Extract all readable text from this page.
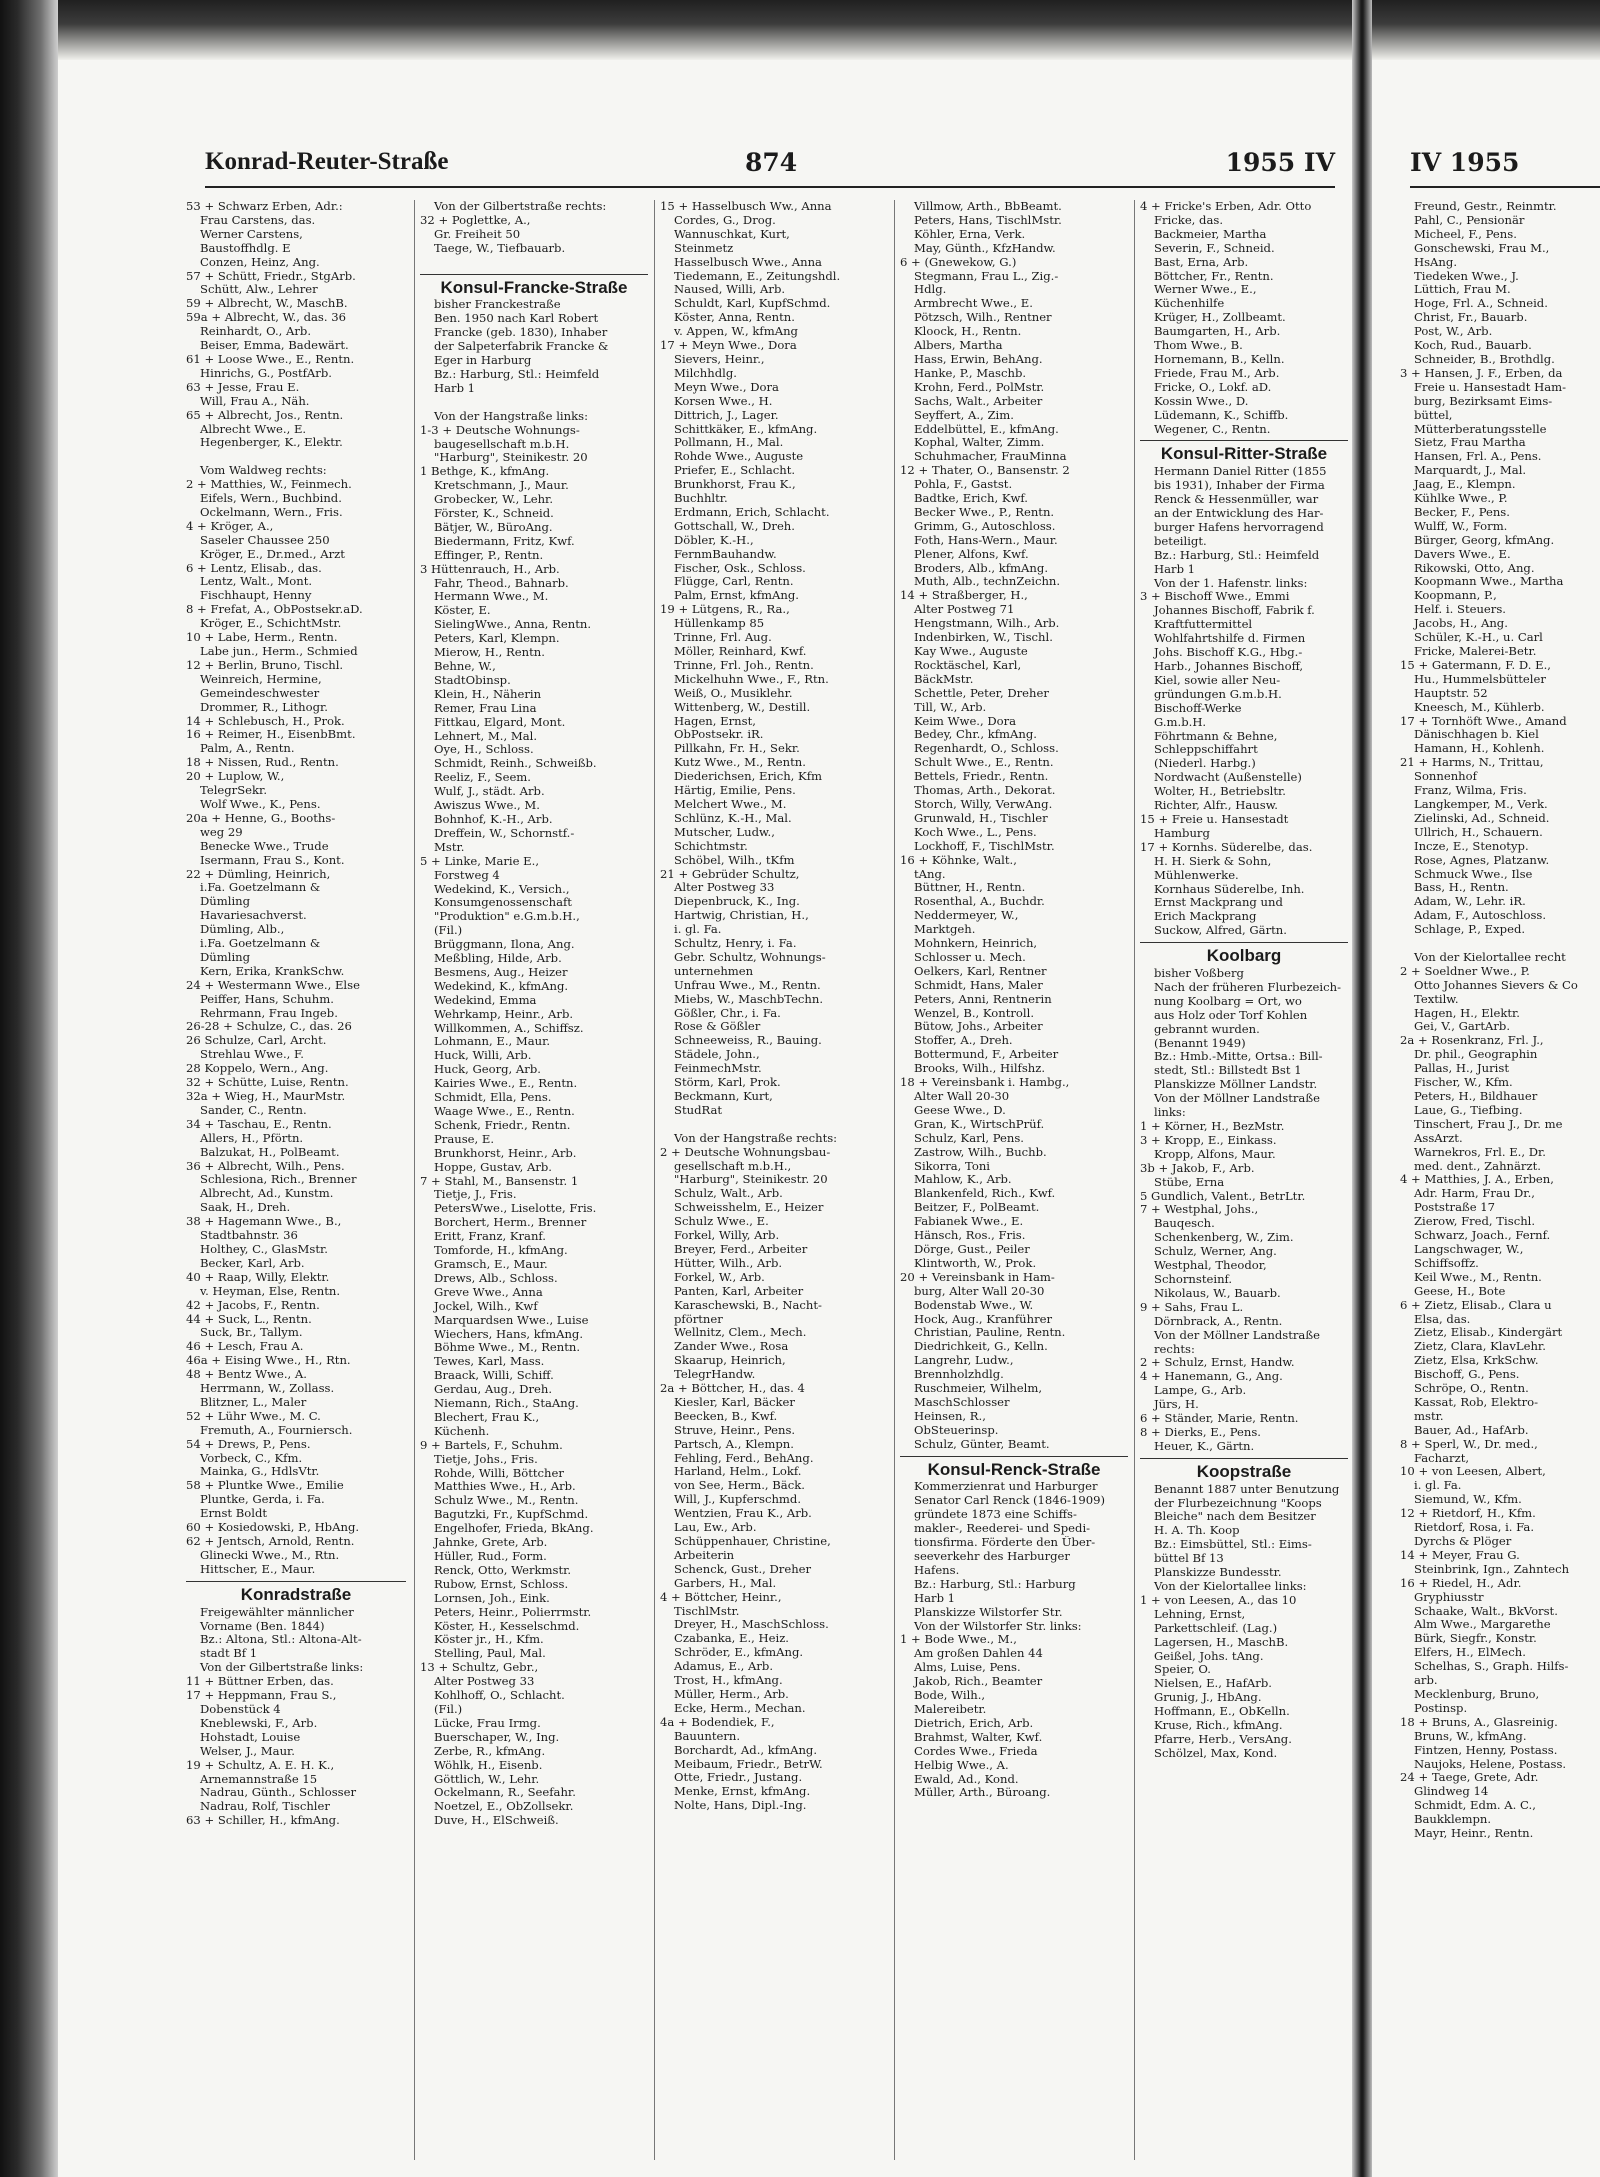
Konrad-Reuter-Straße	874	1955 IV	IV 1955
53 + Schwarz Erben, Adr.:
Frau Carstens, das.
Werner Carstens,
Baustoffhdlg. E
Conzen, Heinz, Ang.
57 + Schütt, Friedr., StgArb.
Schütt, Alw., Lehrer
59 + Albrecht, W., MaschB.
59a + Albrecht, W., das. 36
Reinhardt, O., Arb.
Beiser, Emma, Badewärt.
61 + Loose Wwe., E., Rentn.
Hinrichs, G., PostfArb.
63 + Jesse, Frau E.
Will, Frau A., Näh.
65 + Albrecht, Jos., Rentn.
Albrecht Wwe., E.
Hegenberger, K., Elektr.

Vom Waldweg rechts:
2 + Matthies, W., Feinmech.
Eifels, Wern., Buchbind.
Ockelmann, Wern., Fris.
4 + Kröger, A.,
Saseler Chaussee 250
Kröger, E., Dr.med., Arzt
6 + Lentz, Elisab., das.
Lentz, Walt., Mont.
Fischhaupt, Henny
8 + Frefat, A., ObPostsekr.aD.
Kröger, E., SchichtMstr.
10 + Labe, Herm., Rentn.
Labe jun., Herm., Schmied
12 + Berlin, Bruno, Tischl.
Weinreich, Hermine,
Gemeindeschwester
Drommer, R., Lithogr.
14 + Schlebusch, H., Prok.
16 + Reimer, H., EisenbBmt.
Palm, A., Rentn.
18 + Nissen, Rud., Rentn.
20 + Luplow, W.,
TelegrSekr.
Wolf Wwe., K., Pens.
20a + Henne, G., Booths-
weg 29
Benecke Wwe., Trude
Isermann, Frau S., Kont.
22 + Dümling, Heinrich,
i.Fa. Goetzelmann &
Dümling
Havariesachverst.
Dümling, Alb.,
i.Fa. Goetzelmann &
Dümling
Kern, Erika, KrankSchw.
24 + Westermann Wwe., Else
Peiffer, Hans, Schuhm.
Rehrmann, Frau Ingeb.
26-28 + Schulze, C., das. 26
26 Schulze, Carl, Archt.
Strehlau Wwe., F.
28 Koppelo, Wern., Ang.
32 + Schütte, Luise, Rentn.
32a + Wieg, H., MaurMstr.
Sander, C., Rentn.
34 + Taschau, E., Rentn.
Allers, H., Pförtn.
Balzukat, H., PolBeamt.
36 + Albrecht, Wilh., Pens.
Schlesiona, Rich., Brenner
Albrecht, Ad., Kunstm.
Saak, H., Dreh.
38 + Hagemann Wwe., B.,
Stadtbahnstr. 36
Holthey, C., GlasMstr.
Becker, Karl, Arb.
40 + Raap, Willy, Elektr.
v. Heyman, Else, Rentn.
42 + Jacobs, F., Rentn.
44 + Suck, L., Rentn.
Suck, Br., Tallym.
46 + Lesch, Frau A.
46a + Eising Wwe., H., Rtn.
48 + Bentz Wwe., A.
Herrmann, W., Zollass.
Blitzner, L., Maler
52 + Lühr Wwe., M. C.
Fremuth, A., Fourniersch.
54 + Drews, P., Pens.
Vorbeck, C., Kfm.
Mainka, G., HdlsVtr.
58 + Pluntke Wwe., Emilie
Pluntke, Gerda, i. Fa.
Ernst Boldt
60 + Kosiedowski, P., HbAng.
62 + Jentsch, Arnold, Rentn.
Glinecki Wwe., M., Rtn.
Hittscher, E., Maur.
Konradstraße
Freigewählter männlicher
Vorname (Ben. 1844)
Bz.: Altona, Stl.: Altona-Alt-
stadt Bf 1
Von der Gilbertstraße links:
11 + Büttner Erben, das.
17 + Heppmann, Frau S.,
Dobenstück 4
Kneblewski, F., Arb.
Hohstadt, Louise
Welser, J., Maur.
19 + Schultz, A. E. H. K.,
Arnemannstraße 15
Nadrau, Günth., Schlosser
Nadrau, Rolf, Tischler
63 + Schiller, H., kfmAng.
Von der Gilbertstraße rechts:
32 + Poglettke, A.,
Gr. Freiheit 50
Taege, W., Tiefbauarb.

Konsul-Francke-Straße
bisher Franckestraße
Ben. 1950 nach Karl Robert
Francke (geb. 1830), Inhaber
der Salpeterfabrik Francke &
Eger in Harburg
Bz.: Harburg, Stl.: Heimfeld
Harb 1

Von der Hangstraße links:
1-3 + Deutsche Wohnungs-
baugesellschaft m.b.H.
"Harburg", Steinikestr. 20
1 Bethge, K., kfmAng.
Kretschmann, J., Maur.
Grobecker, W., Lehr.
Förster, K., Schneid.
Bätjer, W., BüroAng.
Biedermann, Fritz, Kwf.
Effinger, P., Rentn.
3 Hüttenrauch, H., Arb.
Fahr, Theod., Bahnarb.
Hermann Wwe., M.
Köster, E.
SielingWwe., Anna, Rentn.
Peters, Karl, Klempn.
Mierow, H., Rentn.
Behne, W.,
StadtObinsp.
Klein, H., Näherin
Remer, Frau Lina
Fittkau, Elgard, Mont.
Lehnert, M., Mal.
Oye, H., Schloss.
Schmidt, Reinh., Schweißb.
Reeliz, F., Seem.
Wulf, J., städt. Arb.
Awiszus Wwe., M.
Bohnhof, K.-H., Arb.
Dreffein, W., Schornstf.-
Mstr.
5 + Linke, Marie E.,
Forstweg 4
Wedekind, K., Versich.,
Konsumgenossenschaft
"Produktion" e.G.m.b.H.,
(Fil.)
Brüggmann, Ilona, Ang.
Meßbling, Hilde, Arb.
Besmens, Aug., Heizer
Wedekind, K., kfmAng.
Wedekind, Emma
Wehrkamp, Heinr., Arb.
Willkommen, A., Schiffsz.
Lohmann, E., Maur.
Huck, Willi, Arb.
Huck, Georg, Arb.
Kairies Wwe., E., Rentn.
Schmidt, Ella, Pens.
Waage Wwe., E., Rentn.
Schenk, Friedr., Rentn.
Prause, E.
Brunkhorst, Heinr., Arb.
Hoppe, Gustav, Arb.
7 + Stahl, M., Bansenstr. 1
Tietje, J., Fris.
PetersWwe., Liselotte, Fris.
Borchert, Herm., Brenner
Eritt, Franz, Kranf.
Tomforde, H., kfmAng.
Gramsch, E., Maur.
Drews, Alb., Schloss.
Greve Wwe., Anna
Jockel, Wilh., Kwf
Marquardsen Wwe., Luise
Wiechers, Hans, kfmAng.
Böhme Wwe., M., Rentn.
Tewes, Karl, Mass.
Braack, Willi, Schiff.
Gerdau, Aug., Dreh.
Niemann, Rich., StaAng.
Blechert, Frau K.,
Küchenh.
9 + Bartels, F., Schuhm.
Tietje, Johs., Fris.
Rohde, Willi, Böttcher
Matthies Wwe., H., Arb.
Schulz Wwe., M., Rentn.
Bagutzki, Fr., KupfSchmd.
Engelhofer, Frieda, BkAng.
Jahnke, Grete, Arb.
Hüller, Rud., Form.
Renck, Otto, Werkmstr.
Rubow, Ernst, Schloss.
Lornsen, Joh., Eink.
Peters, Heinr., Polierrmstr.
Köster, H., Kesselschmd.
Köster jr., H., Kfm.
Stelling, Paul, Mal.
13 + Schultz, Gebr.,
Alter Postweg 33
Kohlhoff, O., Schlacht.
(Fil.)
Lücke, Frau Irmg.
Buerschaper, W., Ing.
Zerbe, R., kfmAng.
Wöhlk, H., Eisenb.
Göttlich, W., Lehr.
Ockelmann, R., Seefahr.
Noetzel, E., ObZollsekr.
Duve, H., ElSchweiß.
15 + Hasselbusch Ww., Anna
Cordes, G., Drog.
Wannuschkat, Kurt,
Steinmetz
Hasselbusch Wwe., Anna
Tiedemann, E., Zeitungshdl.
Naused, Willi, Arb.
Schuldt, Karl, KupfSchmd.
Köster, Anna, Rentn.
v. Appen, W., kfmAng
17 + Meyn Wwe., Dora
Sievers, Heinr.,
Milchhdlg.
Meyn Wwe., Dora
Korsen Wwe., H.
Dittrich, J., Lager.
Schittkäker, E., kfmAng.
Pollmann, H., Mal.
Rohde Wwe., Auguste
Priefer, E., Schlacht.
Brunkhorst, Frau K.,
Buchhltr.
Erdmann, Erich, Schlacht.
Gottschall, W., Dreh.
Döbler, K.-H.,
FernmBauhandw.
Fischer, Osk., Schloss.
Flügge, Carl, Rentn.
Palm, Ernst, kfmAng.
19 + Lütgens, R., Ra.,
Hüllenkamp 85
Trinne, Frl. Aug.
Möller, Reinhard, Kwf.
Trinne, Frl. Joh., Rentn.
Mickelhuhn Wwe., F., Rtn.
Weiß, O., Musiklehr.
Wittenberg, W., Destill.
Hagen, Ernst,
ObPostsekr. iR.
Pillkahn, Fr. H., Sekr.
Kutz Wwe., M., Rentn.
Diederichsen, Erich, Kfm
Härtig, Emilie, Pens.
Melchert Wwe., M.
Schlünz, K.-H., Mal.
Mutscher, Ludw.,
Schichtmstr.
Schöbel, Wilh., tKfm
21 + Gebrüder Schultz,
Alter Postweg 33
Diepenbruck, K., Ing.
Hartwig, Christian, H.,
i. gl. Fa.
Schultz, Henry, i. Fa.
Gebr. Schultz, Wohnungs-
unternehmen
Unfrau Wwe., M., Rentn.
Miebs, W., MaschbTechn.
Gößler, Chr., i. Fa.
Rose & Gößler
Schneeweiss, R., Bauing.
Städele, John.,
FeinmechMstr.
Störm, Karl, Prok.
Beckmann, Kurt,
StudRat

Von der Hangstraße rechts:
2 + Deutsche Wohnungsbau-
gesellschaft m.b.H.,
"Harburg", Steinikestr. 20
Schulz, Walt., Arb.
Schweisshelm, E., Heizer
Schulz Wwe., E.
Forkel, Willy, Arb.
Breyer, Ferd., Arbeiter
Hütter, Wilh., Arb.
Forkel, W., Arb.
Panten, Karl, Arbeiter
Karaschewski, B., Nacht-
pförtner
Wellnitz, Clem., Mech.
Zander Wwe., Rosa
Skaarup, Heinrich,
TelegrHandw.
2a + Böttcher, H., das. 4
Kiesler, Karl, Bäcker
Beecken, B., Kwf.
Struve, Heinr., Pens.
Partsch, A., Klempn.
Fehling, Ferd., BehAng.
Harland, Helm., Lokf.
von See, Herm., Bäck.
Will, J., Kupferschmd.
Wentzien, Frau K., Arb.
Lau, Ew., Arb.
Schüppenhauer, Christine,
Arbeiterin
Schenck, Gust., Dreher
Garbers, H., Mal.
4 + Böttcher, Heinr.,
TischlMstr.
Dreyer, H., MaschSchloss.
Czabanka, E., Heiz.
Schröder, E., kfmAng.
Adamus, E., Arb.
Trost, H., kfmAng.
Müller, Herm., Arb.
Ecke, Herm., Mechan.
4a + Bodendiek, F.,
Bauuntern.
Borchardt, Ad., kfmAng.
Meibaum, Friedr., BetrW.
Otte, Friedr., Justang.
Menke, Ernst, kfmAng.
Nolte, Hans, Dipl.-Ing.
Villmow, Arth., BbBeamt.
Peters, Hans, TischlMstr.
Köhler, Erna, Verk.
May, Günth., KfzHandw.
6 + (Gnewekow, G.)
Stegmann, Frau L., Zig.-
Hdlg.
Armbrecht Wwe., E.
Pötzsch, Wilh., Rentner
Kloock, H., Rentn.
Albers, Martha
Hass, Erwin, BehAng.
Hanke, P., Maschb.
Krohn, Ferd., PolMstr.
Sachs, Walt., Arbeiter
Seyffert, A., Zim.
Eddelbüttel, E., kfmAng.
Kophal, Walter, Zimm.
Schuhmacher, FrauMinna
12 + Thater, O., Bansenstr. 2
Pohla, F., Gastst.
Badtke, Erich, Kwf.
Becker Wwe., P., Rentn.
Grimm, G., Autoschloss.
Foth, Hans-Wern., Maur.
Plener, Alfons, Kwf.
Broders, Alb., kfmAng.
Muth, Alb., technZeichn.
14 + Straßberger, H.,
Alter Postweg 71
Hengstmann, Wilh., Arb.
Indenbirken, W., Tischl.
Kay Wwe., Auguste
Rocktäschel, Karl,
BäckMstr.
Schettle, Peter, Dreher
Till, W., Arb.
Keim Wwe., Dora
Bedey, Chr., kfmAng.
Regenhardt, O., Schloss.
Schult Wwe., E., Rentn.
Bettels, Friedr., Rentn.
Thomas, Arth., Dekorat.
Storch, Willy, VerwAng.
Grunwald, H., Tischler
Koch Wwe., L., Pens.
Lockhoff, F., TischlMstr.
16 + Köhnke, Walt.,
tAng.
Büttner, H., Rentn.
Rosenthal, A., Buchdr.
Neddermeyer, W.,
Marktgeh.
Mohnkern, Heinrich,
Schlosser u. Mech.
Oelkers, Karl, Rentner
Schmidt, Hans, Maler
Peters, Anni, Rentnerin
Wenzel, B., Kontroll.
Bütow, Johs., Arbeiter
Stoffer, A., Dreh.
Bottermund, F., Arbeiter
Brooks, Wilh., Hilfshz.
18 + Vereinsbank i. Hambg.,
Alter Wall 20-30
Geese Wwe., D.
Gran, K., WirtschPrüf.
Schulz, Karl, Pens.
Zastrow, Wilh., Buchb.
Sikorra, Toni
Mahlow, K., Arb.
Blankenfeld, Rich., Kwf.
Beitzer, F., PolBeamt.
Fabianek Wwe., E.
Hänsch, Ros., Fris.
Dörge, Gust., Peiler
Klintworth, W., Prok.
20 + Vereinsbank in Ham-
burg, Alter Wall 20-30
Bodenstab Wwe., W.
Hock, Aug., Kranführer
Christian, Pauline, Rentn.
Diedrichkeit, G., Kelln.
Langrehr, Ludw.,
Brennholzhdlg.
Ruschmeier, Wilhelm,
MaschSchlosser
Heinsen, R.,
ObSteuerinsp.
Schulz, Günter, Beamt.
Konsul-Renck-Straße
Kommerzienrat und Harburger
Senator Carl Renck (1846-1909)
gründete 1873 eine Schiffs-
makler-, Reederei- und Spedi-
tionsfirma. Förderte den Über-
seeverkehr des Harburger
Hafens.
Bz.: Harburg, Stl.: Harburg
Harb 1
Planskizze Wilstorfer Str.
Von der Wilstorfer Str. links:
1 + Bode Wwe., M.,
Am großen Dahlen 44
Alms, Luise, Pens.
Jakob, Rich., Beamter
Bode, Wilh.,
Malereibetr.
Dietrich, Erich, Arb.
Brahmst, Walter, Kwf.
Cordes Wwe., Frieda
Helbig Wwe., A.
Ewald, Ad., Kond.
Müller, Arth., Büroang.
4 + Fricke's Erben, Adr. Otto
Fricke, das.
Backmeier, Martha
Severin, F., Schneid.
Bast, Erna, Arb.
Böttcher, Fr., Rentn.
Werner Wwe., E.,
Küchenhilfe
Krüger, H., Zollbeamt.
Baumgarten, H., Arb.
Thom Wwe., B.
Hornemann, B., Kelln.
Friede, Frau M., Arb.
Fricke, O., Lokf. aD.
Kossin Wwe., D.
Lüdemann, K., Schiffb.
Wegener, C., Rentn.
Konsul-Ritter-Straße
Hermann Daniel Ritter (1855
bis 1931), Inhaber der Firma
Renck & Hessenmüller, war
an der Entwicklung des Har-
burger Hafens hervorragend
beteiligt.
Bz.: Harburg, Stl.: Heimfeld
Harb 1
Von der 1. Hafenstr. links:
3 + Bischoff Wwe., Emmi
Johannes Bischoff, Fabrik f.
Kraftfuttermittel
Wohlfahrtshilfe d. Firmen
Johs. Bischoff K.G., Hbg.-
Harb., Johannes Bischoff,
Kiel, sowie aller Neu-
gründungen G.m.b.H.
Bischoff-Werke
G.m.b.H.
Föhrtmann & Behne,
Schleppschiffahrt
(Niederl. Harbg.)
Nordwacht (Außenstelle)
Wolter, H., Betriebsltr.
Richter, Alfr., Hausw.
15 + Freie u. Hansestadt
Hamburg
17 + Kornhs. Süderelbe, das.
H. H. Sierk & Sohn,
Mühlenwerke.
Kornhaus Süderelbe, Inh.
Ernst Mackprang und
Erich Mackprang
Suckow, Alfred, Gärtn.
Koolbarg
bisher Voßberg
Nach der früheren Flurbezeich-
nung Koolbarg = Ort, wo
aus Holz oder Torf Kohlen
gebrannt wurden.
(Benannt 1949)
Bz.: Hmb.-Mitte, Ortsa.: Bill-
stedt, Stl.: Billstedt Bst 1
Planskizze Möllner Landstr.
Von der Möllner Landstraße
links:
1 + Körner, H., BezMstr.
3 + Kropp, E., Einkass.
Kropp, Alfons, Maur.
3b + Jakob, F., Arb.
Stübe, Erna
5 Gundlich, Valent., BetrLtr.
7 + Westphal, Johs.,
Bauqesch.
Schenkenberg, W., Zim.
Schulz, Werner, Ang.
Westphal, Theodor,
Schornsteinf.
Nikolaus, W., Bauarb.
9 + Sahs, Frau L.
Dörnbrack, A., Rentn.
Von der Möllner Landstraße
rechts:
2 + Schulz, Ernst, Handw.
4 + Hanemann, G., Ang.
Lampe, G., Arb.
Jürs, H.
6 + Ständer, Marie, Rentn.
8 + Dierks, E., Pens.
Heuer, K., Gärtn.
Koopstraße
Benannt 1887 unter Benutzung
der Flurbezeichnung "Koops
Bleiche" nach dem Besitzer
H. A. Th. Koop
Bz.: Eimsbüttel, Stl.: Eims-
büttel Bf 13
Planskizze Bundesstr.
Von der Kielortallee links:
1 + von Leesen, A., das 10
Lehning, Ernst,
Parkettschleif. (Lag.)
Lagersen, H., MaschB.
Geißel, Johs. tAng.
Speier, O.
Nielsen, E., HafArb.
Grunig, J., HbAng.
Hoffmann, E., ObKelln.
Kruse, Rich., kfmAng.
Pfarre, Herb., VersAng.
Schölzel, Max, Kond.
Freund, Gestr., Reinmtr.
Pahl, C., Pensionär
Micheel, F., Pens.
Gonschewski, Frau M.,
HsAng.
Tiedeken Wwe., J.
Lüttich, Frau M.
Hoge, Frl. A., Schneid.
Christ, Fr., Bauarb.
Post, W., Arb.
Koch, Rud., Bauarb.
Schneider, B., Brothdlg.
3 + Hansen, J. F., Erben, da
Freie u. Hansestadt Ham-
burg, Bezirksamt Eims-
büttel,
Mütterberatungsstelle
Sietz, Frau Martha
Hansen, Frl. A., Pens.
Marquardt, J., Mal.
Jaag, E., Klempn.
Kühlke Wwe., P.
Becker, F., Pens.
Wulff, W., Form.
Bürger, Georg, kfmAng.
Davers Wwe., E.
Rikowski, Otto, Ang.
Koopmann Wwe., Martha
Koopmann, P.,
Helf. i. Steuers.
Jacobs, H., Ang.
Schüler, K.-H., u. Carl
Fricke, Malerei-Betr.
15 + Gatermann, F. D. E.,
Hu., Hummelsbütteler
Hauptstr. 52
Kneesch, M., Kühlerb.
17 + Tornhöft Wwe., Amand
Dänischhagen b. Kiel
Hamann, H., Kohlenh.
21 + Harms, N., Trittau,
Sonnenhof
Franz, Wilma, Fris.
Langkemper, M., Verk.
Zielinski, Ad., Schneid.
Ullrich, H., Schauern.
Incze, E., Stenotyp.
Rose, Agnes, Platzanw.
Schmuck Wwe., Ilse
Bass, H., Rentn.
Adam, W., Lehr. iR.
Adam, F., Autoschloss.
Schlage, P., Exped.

Von der Kielortallee recht
2 + Soeldner Wwe., P.
Otto Johannes Sievers & Co
Textilw.
Hagen, H., Elektr.
Gei, V., GartArb.
2a + Rosenkranz, Frl. J.,
Dr. phil., Geographin
Pallas, H., Jurist
Fischer, W., Kfm.
Peters, H., Bildhauer
Laue, G., Tiefbing.
Tinschert, Frau J., Dr. me
AssArzt.
Warnekros, Frl. E., Dr.
med. dent., Zahnärzt.
4 + Matthies, J. A., Erben,
Adr. Harm, Frau Dr.,
Poststraße 17
Zierow, Fred, Tischl.
Schwarz, Joach., Fernf.
Langschwager, W.,
Schiffsoffz.
Keil Wwe., M., Rentn.
Geese, H., Bote
6 + Zietz, Elisab., Clara u
Elsa, das.
Zietz, Elisab., Kindergärt
Zietz, Clara, KlavLehr.
Zietz, Elsa, KrkSchw.
Bischoff, G., Pens.
Schröpe, O., Rentn.
Kassat, Rob, Elektro-
mstr.
Bauer, Ad., HafArb.
8 + Sperl, W., Dr. med.,
Facharzt,
10 + von Leesen, Albert,
i. gl. Fa.
Siemund, W., Kfm.
12 + Rietdorf, H., Kfm.
Rietdorf, Rosa, i. Fa.
Dyrchs & Plöger
14 + Meyer, Frau G.
Steinbrink, Ign., Zahntech
16 + Riedel, H., Adr.
Gryphiusstr
Schaake, Walt., BkVorst.
Alm Wwe., Margarethe
Bürk, Siegfr., Konstr.
Elfers, H., ElMech.
Schelhas, S., Graph. Hilfs-
arb.
Mecklenburg, Bruno,
Postinsp.
18 + Bruns, A., Glasreinig.
Bruns, W., kfmAng.
Fintzen, Henny, Postass.
Naujoks, Helene, Postass.
24 + Taege, Grete, Adr.
Glindweg 14
Schmidt, Edm. A. C.,
Baukklempn.
Mayr, Heinr., Rentn.
